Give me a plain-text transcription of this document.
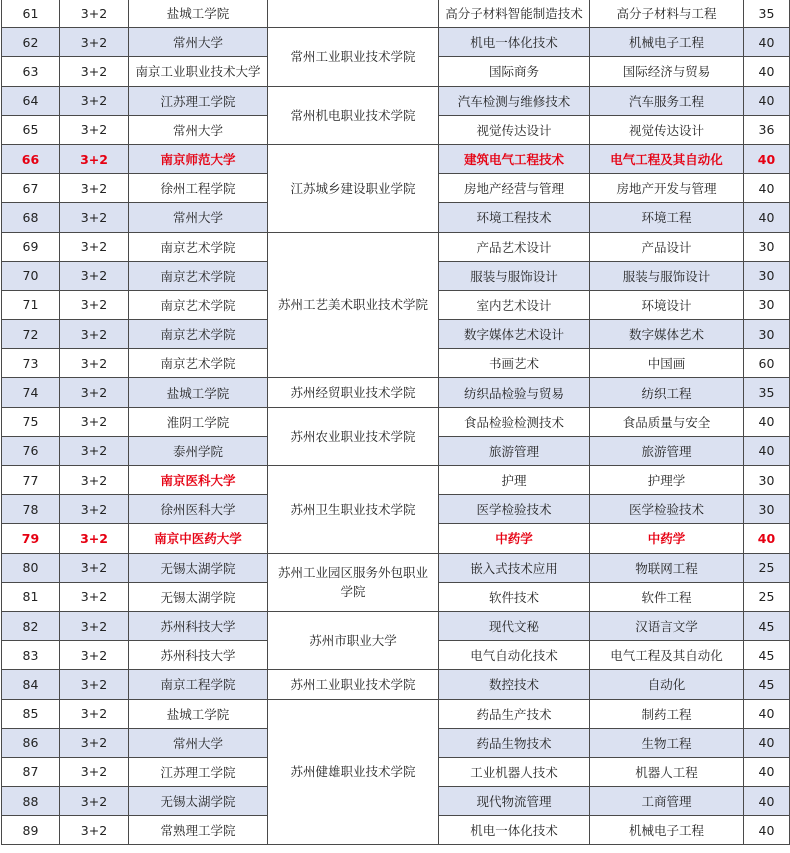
61	3+2	盐城工学院		高分子材料智能制造技术	高分子材料与工程	35
62	3+2	常州大学	常州工业职业技术学院	机电一体化技术	机械电子工程	40
63	3+2	南京工业职业技术大学		国际商务	国际经济与贸易	40
64	3+2	江苏理工学院	常州机电职业技术学院	汽车检测与维修技术	汽车服务工程	40
65	3+2	常州大学		视觉传达设计	视觉传达设计	36
66	3+2	南京师范大学	江苏城乡建设职业学院	建筑电气工程技术	电气工程及其自动化	40
67	3+2	徐州工程学院		房地产经营与管理	房地产开发与管理	40
68	3+2	常州大学		环境工程技术	环境工程	40
69	3+2	南京艺术学院	苏州工艺美术职业技术学院	产品艺术设计	产品设计	30
70	3+2	南京艺术学院		服装与服饰设计	服装与服饰设计	30
71	3+2	南京艺术学院		室内艺术设计	环境设计	30
72	3+2	南京艺术学院		数字媒体艺术设计	数字媒体艺术	30
73	3+2	南京艺术学院		书画艺术	中国画	60
74	3+2	盐城工学院	苏州经贸职业技术学院	纺织品检验与贸易	纺织工程	35
75	3+2	淮阴工学院	苏州农业职业技术学院	食品检验检测技术	食品质量与安全	40
76	3+2	泰州学院		旅游管理	旅游管理	40
77	3+2	南京医科大学	苏州卫生职业技术学院	护理	护理学	30
78	3+2	徐州医科大学		医学检验技术	医学检验技术	30
79	3+2	南京中医药大学		中药学	中药学	40
80	3+2	无锡太湖学院	苏州工业园区服务外包职业学院	嵌入式技术应用	物联网工程	25
81	3+2	无锡太湖学院		软件技术	软件工程	25
82	3+2	苏州科技大学	苏州市职业大学	现代文秘	汉语言文学	45
83	3+2	苏州科技大学		电气自动化技术	电气工程及其自动化	45
84	3+2	南京工程学院	苏州工业职业技术学院	数控技术	自动化	45
85	3+2	盐城工学院	苏州健雄职业技术学院	药品生产技术	制药工程	40
86	3+2	常州大学		药品生物技术	生物工程	40
87	3+2	江苏理工学院		工业机器人技术	机器人工程	40
88	3+2	无锡太湖学院		现代物流管理	工商管理	40
89	3+2	常熟理工学院		机电一体化技术	机械电子工程	40
